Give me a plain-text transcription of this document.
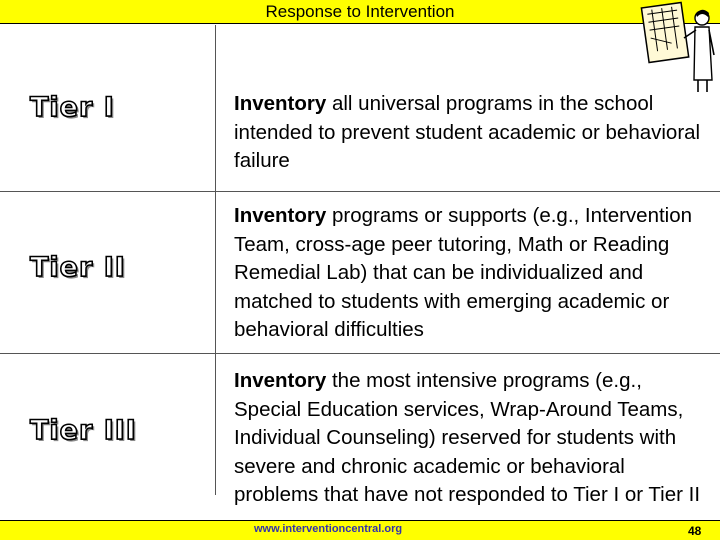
Response to Intervention
Tier I	Inventory all universal programs in the school intended to prevent student academic or behavioral failure
Tier II
Inventory programs or supports (e.g., Intervention Team, cross-age peer tutoring, Math or Reading Remedial Lab) that can be individualized and matched to students with emerging academic or behavioral difficulties
Tier III
www.interventioncentral.org
Inventory the most intensive programs (e.g., Special Education services, Wrap-Around Teams, Individual Counseling) reserved for students with severe and chronic academic or behavioral problems that have not responded to Tier I or Tier II
48
